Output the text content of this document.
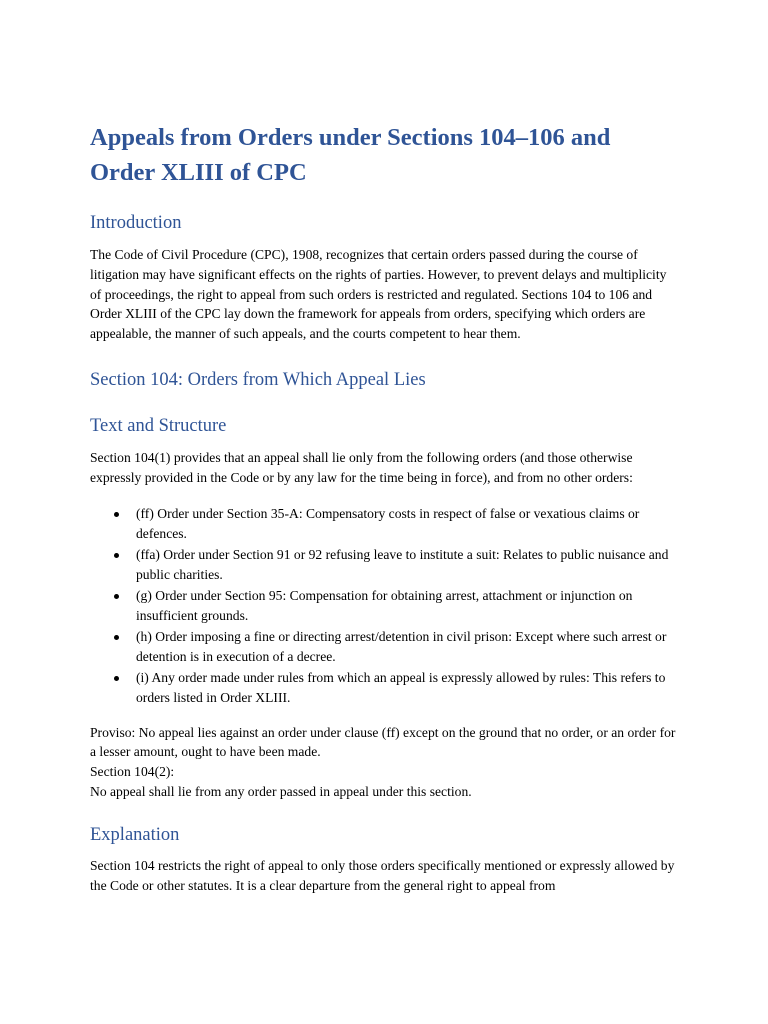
Appeals from Orders under Sections 104–106 and Order XLIII of CPC
Introduction

The Code of Civil Procedure (CPC), 1908, recognizes that certain orders passed during the course of litigation may have significant effects on the rights of parties. However, to prevent delays and multiplicity of proceedings, the right to appeal from such orders is restricted and regulated. Sections 104 to 106 and Order XLIII of the CPC lay down the framework for appeals from orders, specifying which orders are appealable, the manner of such appeals, and the courts competent to hear them.

Section 104: Orders from Which Appeal Lies
Text and Structure

Section 104(1) provides that an appeal shall lie only from the following orders (and those otherwise expressly provided in the Code or by any law for the time being in force), and from no other orders:

(ff) Order under Section 35-A: Compensatory costs in respect of false or vexatious claims or defences.
(ffa) Order under Section 91 or 92 refusing leave to institute a suit: Relates to public nuisance and public charities.
(g) Order under Section 95: Compensation for obtaining arrest, attachment or injunction on insufficient grounds.
(h) Order imposing a fine or directing arrest/detention in civil prison: Except where such arrest or detention is in execution of a decree.
(i) Any order made under rules from which an appeal is expressly allowed by rules: This refers to orders listed in Order XLIII.

Proviso: No appeal lies against an order under clause (ff) except on the ground that no order, or an order for a lesser amount, ought to have been made.

Section 104(2):

No appeal shall lie from any order passed in appeal under this section.

Explanation

Section 104 restricts the right of appeal to only those orders specifically mentioned or expressly allowed by the Code or other statutes. It is a clear departure from the general right to appeal from
